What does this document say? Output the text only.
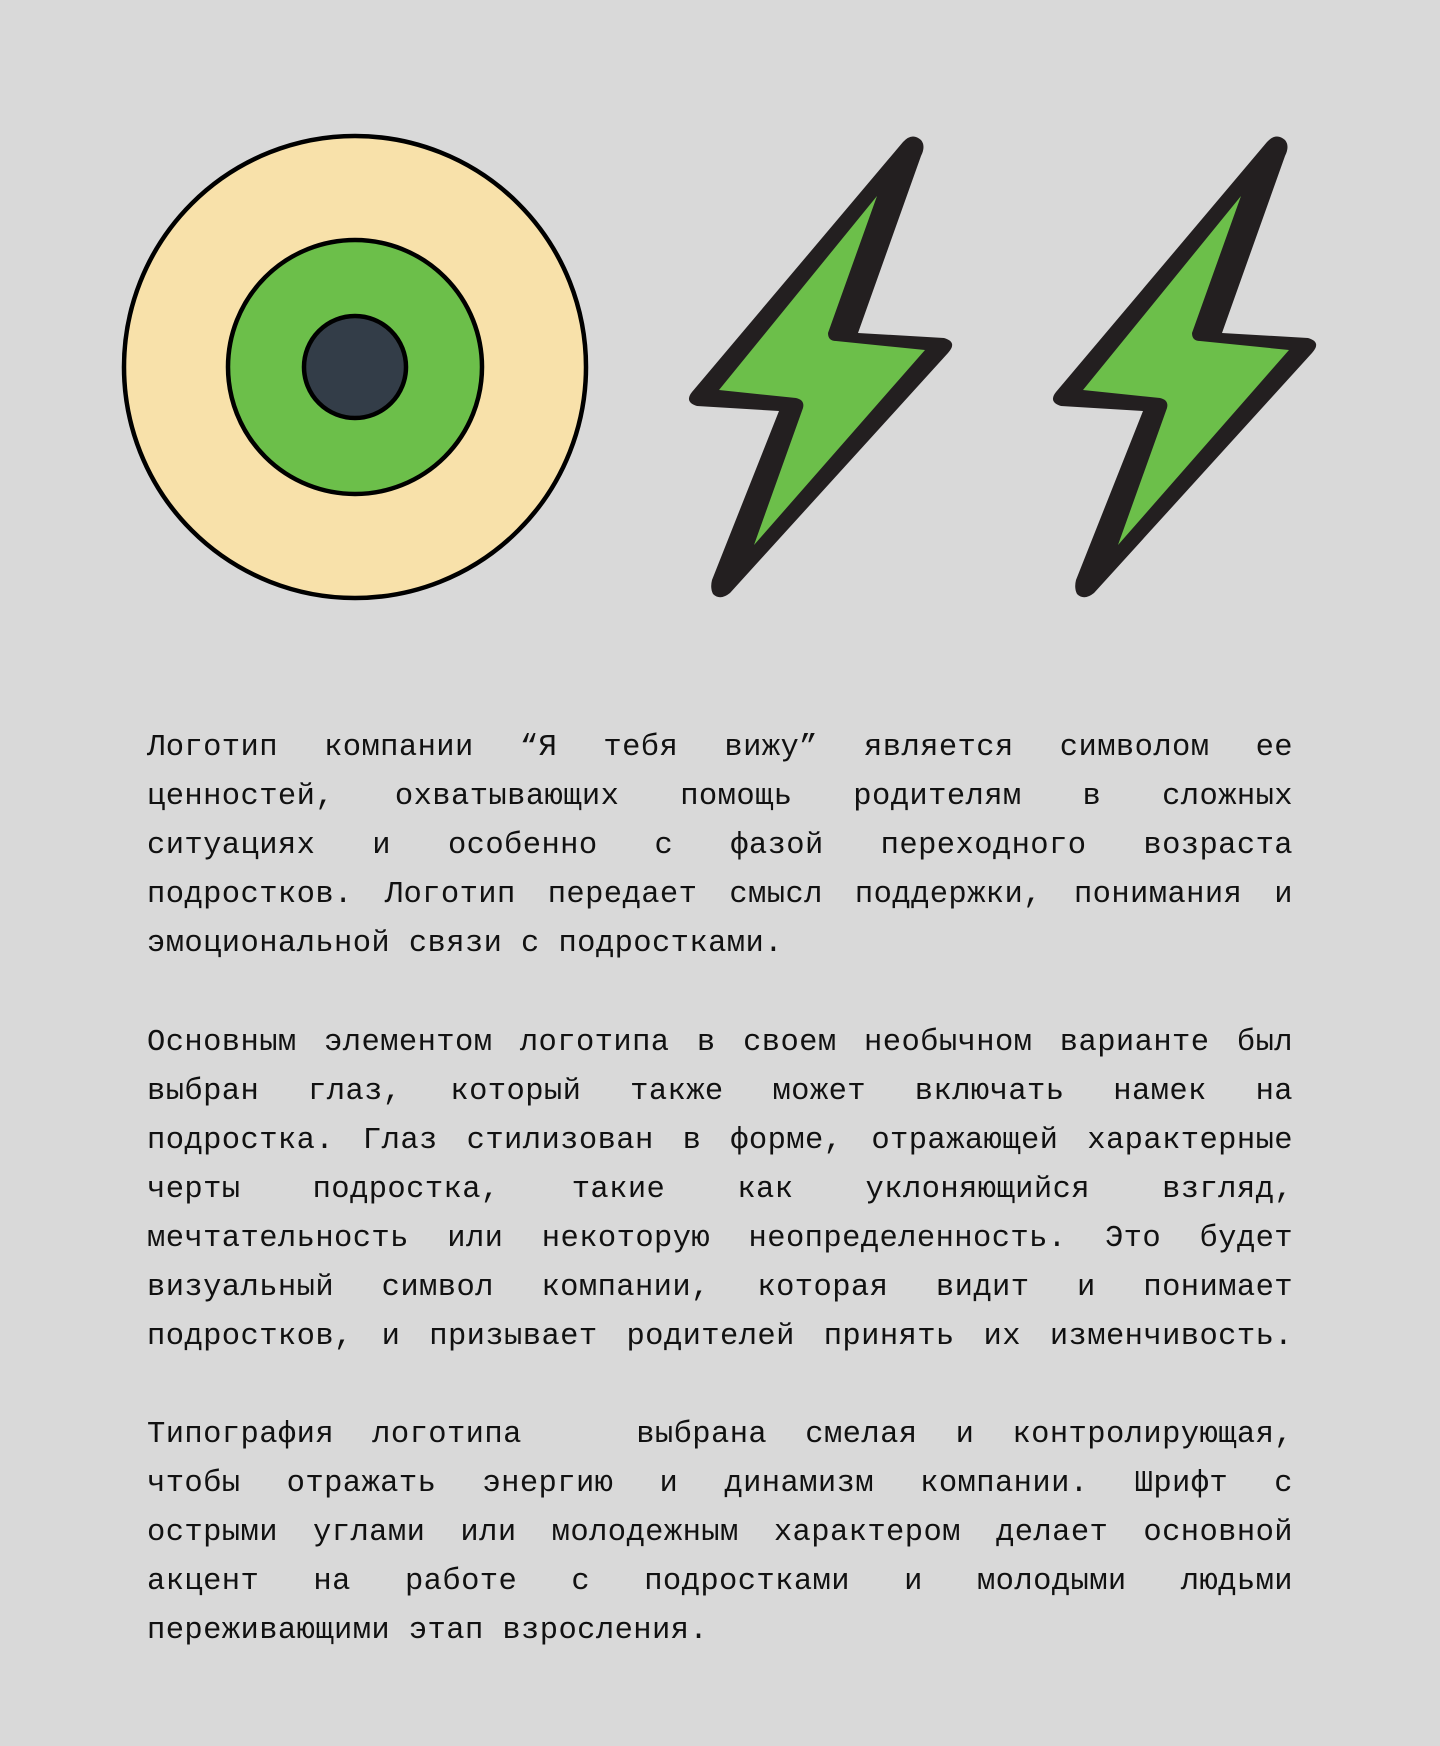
Логотип компании “Я тебя вижу” является символом ее
ценностей, охватывающих помощь родителям в сложных
ситуациях и особенно с фазой переходного возраста
подростков. Логотип передает смысл поддержки, понимания и
эмоциональной связи с подростками.
Основным элементом логотипа в своем необычном варианте был
выбран глаз, который также может включать намек на
подростка. Глаз стилизован в форме, отражающей характерные
черты подростка, такие как уклоняющийся взгляд,
мечтательность или некоторую неопределенность. Это будет
визуальный символ компании, которая видит и понимает
подростков, и призывает родителей принять их изменчивость.
Типография логотипа   выбрана смелая и контролирующая,
чтобы отражать энергию и динамизм компании. Шрифт с
острыми углами или молодежным характером делает основной
акцент на работе с подростками и молодыми людьми
переживающими этап взросления.
